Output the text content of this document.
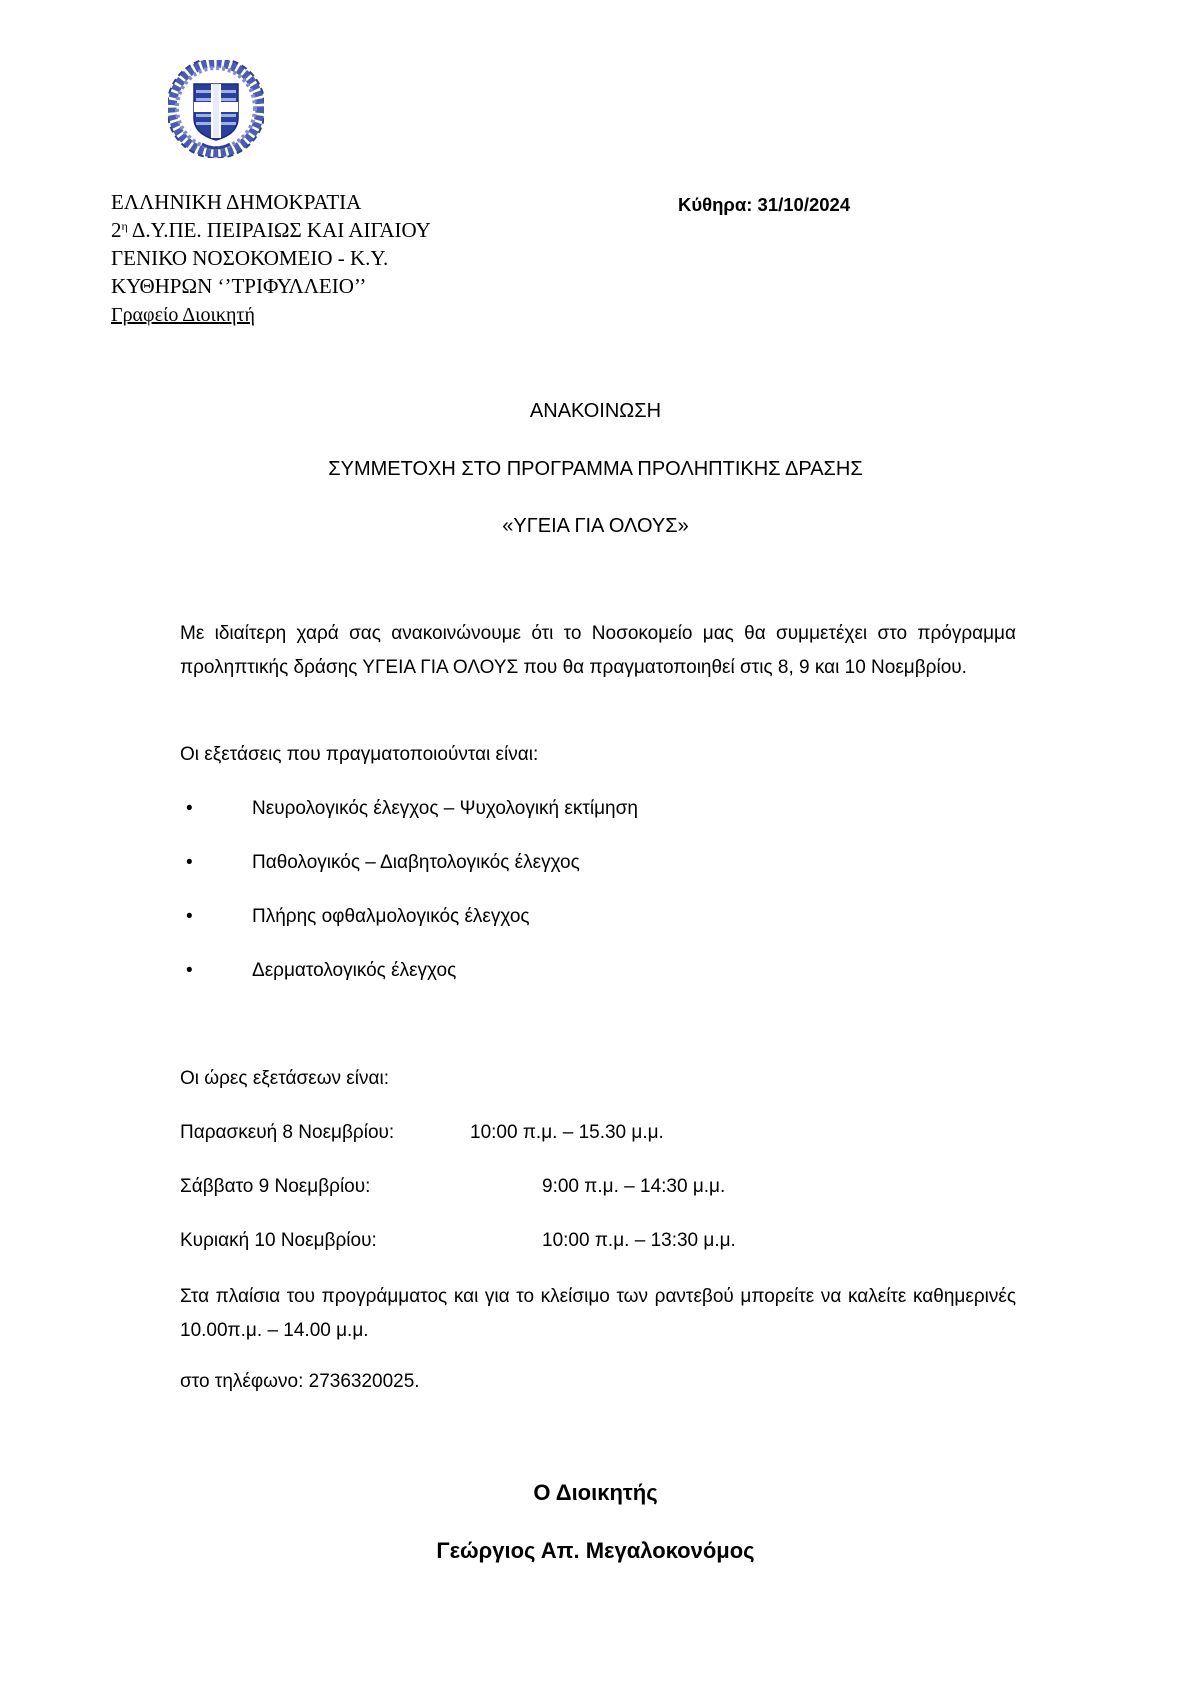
ΕΛΛΗΝΙΚΗ ΔΗΜΟΚΡΑΤΙΑ
$2^\eta$ Δ.Υ.ΠΕ. ΠΕΙΡΑΙΩΣ ΚΑΙ ΑΙΓΑΙΟΥ
ΓΕΝΙΚΟ ΝΟΣΟΚΟΜΕΙΟ - Κ.Υ.
ΚΥΘΗΡΩΝ ‘’ΤΡΙΦΥΛΛΕΙΟ’’
Γραφείο Διοικητή
Κύθηρα: 31/10/2024
ΑΝΑΚΟΙΝΩΣΗ
ΣΥΜΜΕΤΟΧΗ ΣΤΟ ΠΡΟΓΡΑΜΜΑ ΠΡΟΛΗΠΤΙΚΗΣ ΔΡΑΣΗΣ
«ΥΓΕΙΑ ΓΙΑ ΟΛΟΥΣ»
Με ιδιαίτερη χαρά σας ανακοινώνουμε ότι το Νοσοκομείο μας θα συμμετέχει στο πρόγραμμα προληπτικής δράσης ΥΓΕΙΑ ΓΙΑ ΟΛΟΥΣ που θα πραγματοποιηθεί στις 8, 9 και 10 Νοεμβρίου.
Οι εξετάσεις που πραγματοποιούνται είναι:
•	Νευρολογικός έλεγχος – Ψυχολογική εκτίμηση
•	Παθολογικός – Διαβητολογικός έλεγχος
•	Πλήρης οφθαλμολογικός έλεγχος
•	Δερματολογικός έλεγχος
Οι ώρες εξετάσεων είναι:
Παρασκευή 8 Νοεμβρίου:	10:00 π.μ. – 15.30 μ.μ.
Σάββατο 9 Νοεμβρίου:	9:00 π.μ. – 14:30 μ.μ.
Κυριακή 10 Νοεμβρίου:	10:00 π.μ. – 13:30 μ.μ.
Στα πλαίσια του προγράμματος και για το κλείσιμο των ραντεβού μπορείτε να καλείτε καθημερινές 10.00π.μ. – 14.00 μ.μ.
στο τηλέφωνο: 2736320025.
Ο Διοικητής
Γεώργιος Απ. Μεγαλοκονόμος
